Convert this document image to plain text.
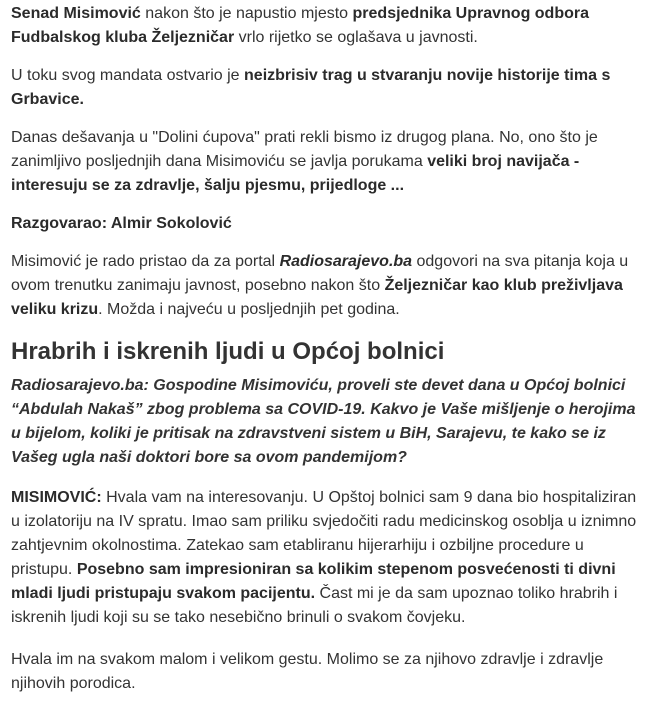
Senad Misimović nakon što je napustio mjesto predsjednika Upravnog odbora Fudbalskog kluba Željezničar vrlo rijetko se oglašava u javnosti.

U toku svog mandata ostvario je neizbrisiv trag u stvaranju novije historije tima s Grbavice.

Danas dešavanja u "Dolini ćupova" prati rekli bismo iz drugog plana. No, ono što je zanimljivo posljednjih dana Misimoviću se javlja porukama veliki broj navijača - interesuju se za zdravlje, šalju pjesmu, prijedloge ...

Razgovarao: Almir Sokolović

Misimović je rado pristao da za portal Radiosarajevo.ba odgovori na sva pitanja koja u ovom trenutku zanimaju javnost, posebno nakon što Željezničar kao klub preživljava veliku krizu. Možda i najveću u posljednjih pet godina.

Hrabrih i iskrenih ljudi u Općoj bolnici

Radiosarajevo.ba: Gospodine Misimoviću, proveli ste devet dana u Općoj bolnici “Abdulah Nakaš” zbog problema sa COVID-19. Kakvo je Vaše mišljenje o herojima u bijelom, koliki je pritisak na zdravstveni sistem u BiH, Sarajevu, te kako se iz Vašeg ugla naši doktori bore sa ovom pandemijom?

MISIMOVIĆ: Hvala vam na interesovanju. U Opštoj bolnici sam 9 dana bio hospitaliziran u izolatoriju na IV spratu. Imao sam priliku svjedočiti radu medicinskog osoblja u iznimno zahtjevnim okolnostima. Zatekao sam etabliranu hijerarhiju i ozbiljne procedure u pristupu. Posebno sam impresioniran sa kolikim stepenom posvećenosti ti divni mladi ljudi pristupaju svakom pacijentu. Čast mi je da sam upoznao toliko hrabrih i iskrenih ljudi koji su se tako nesebično brinuli o svakom čovjeku.

Hvala im na svakom malom i velikom gestu. Molimo se za njihovo zdravlje i zdravlje njihovih porodica.
